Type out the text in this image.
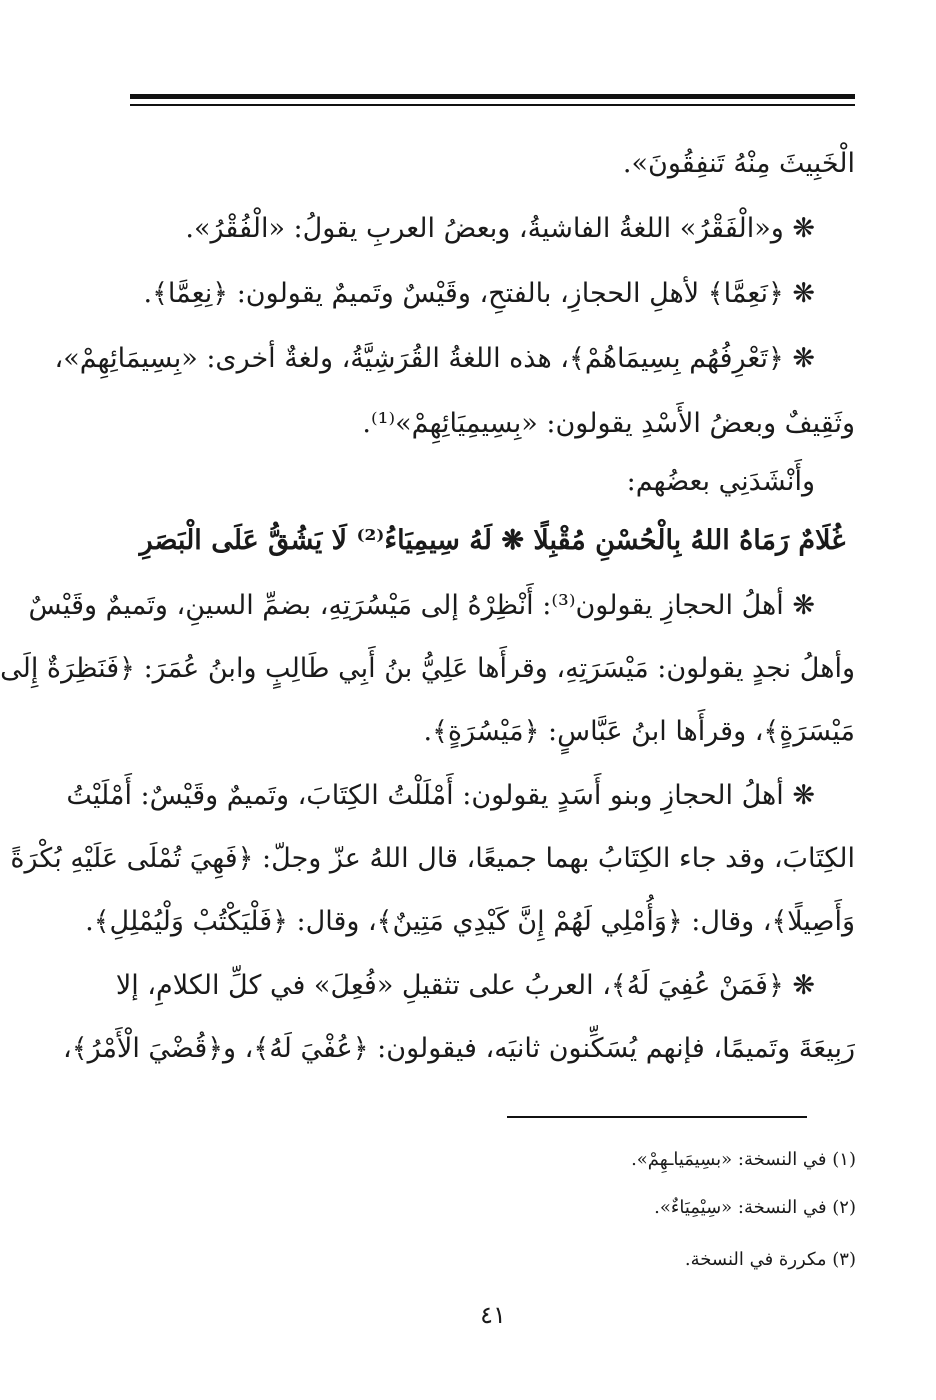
الْخَبِيثَ مِنْهُ تَنفِقُونَ».
❋ و«الْفَقْرُ» اللغةُ الفاشيةُ، وبعضُ العربِ يقولُ: «الْفُقْرُ».
❋ ﴿نَعِمَّا﴾ لأهلِ الحجازِ، بالفتحِ، وقَيْسٌ وتَميمٌ يقولون: ﴿نِعِمَّا﴾.
❋ ﴿تَعْرِفُهُم بِسِيمَاهُمْ﴾، هذه اللغةُ القُرَشِيَّةُ، ولغةٌ أخرى: «بِسِيمَائِهِمْ»،
وثَقِيفٌ وبعضُ الأَسْدِ يقولون: «بِسِيمِيَائِهِمْ»⁽¹⁾.
وأَنْشَدَنِي بعضُهم:
غُلَامٌ رَمَاهُ اللهُ بِالْحُسْنِ مُقْبِلًا ❋ لَهُ سِيمِيَاءُ⁽²⁾ لَا يَشُقُّ عَلَى الْبَصَرِ
❋ أهلُ الحجازِ يقولون⁽³⁾: أَنْظِرْهُ إلى مَيْسُرَتِهِ، بضمِّ السينِ، وتَميمٌ وقَيْسٌ
وأهلُ نجدٍ يقولون: مَيْسَرَتِهِ، وقرأَها عَلِيُّ بنُ أَبِي طَالِبٍ وابنُ عُمَرَ: ﴿فَنَظِرَةٌ إِلَى
مَيْسَرَةٍ﴾، وقرأَها ابنُ عَبَّاسٍ: ﴿مَيْسُرَةٍ﴾.
❋ أهلُ الحجازِ وبنو أَسَدٍ يقولون: أَمْلَلْتُ الكِتَابَ، وتَميمٌ وقَيْسٌ: أَمْلَيْتُ
الكِتَابَ، وقد جاء الكِتَابُ بهما جميعًا، قال اللهُ عزّ وجلّ: ﴿فَهِيَ تُمْلَى عَلَيْهِ بُكْرَةً
وَأَصِيلًا﴾، وقال: ﴿وَأُمْلِي لَهُمْ إِنَّ كَيْدِي مَتِينٌ﴾، وقال: ﴿فَلْيَكْتُبْ وَلْيُمْلِلِ﴾.
❋ ﴿فَمَنْ عُفِيَ لَهُ﴾، العربُ على تثقيلِ «فُعِلَ» في كلِّ الكلامِ، إلا
رَبِيعَةَ وتَميمًا، فإنهم يُسَكِّنون ثانيَه، فيقولون: ﴿عُفْيَ لَهُ﴾، و﴿قُضْيَ الْأَمْرُ﴾،
(١) في النسخة: «بسِيمَيا‍ـهِمْ».
(٢) في النسخة: «سِيْمِيَاءٌ».
(٣) مكررة في النسخة.
٤١
